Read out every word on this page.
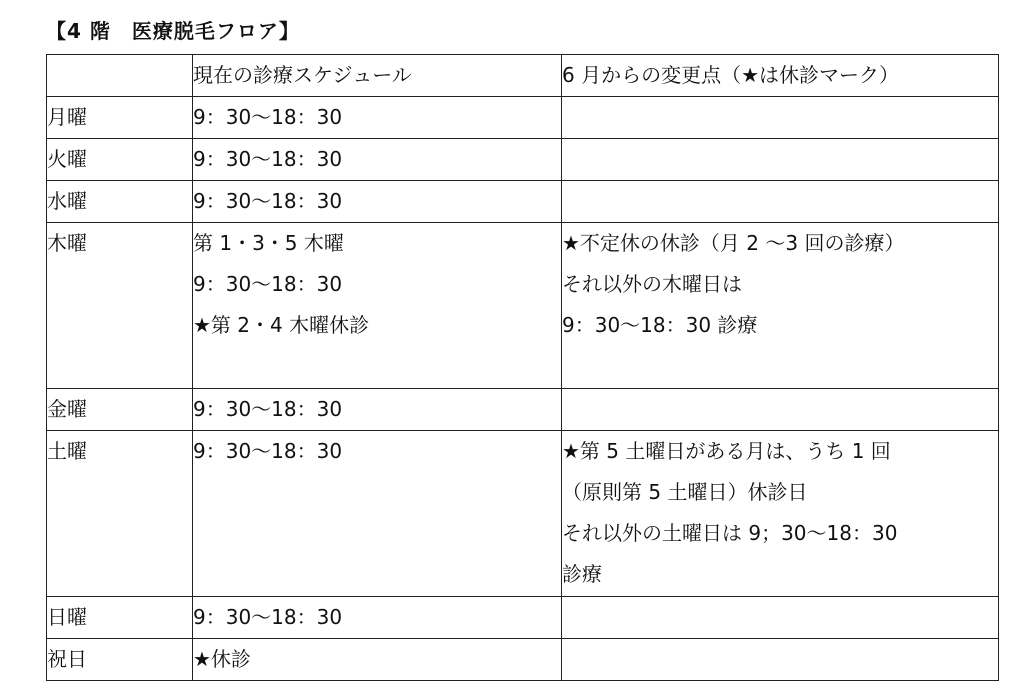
【4 階　医療脱毛フロア】
	現在の診療スケジュール	6 月からの変更点（★は休診マーク）
月曜	9：30〜18：30	

火曜	9：30〜18：30	

水曜	9：30〜18：30	

木曜	第 1・3・5 木曜
9：30〜18：30
★第 2・4 木曜休診	★不定休の休診（月 2 〜3 回の診療）
それ以外の木曜日は
9：30〜18：30 診療

金曜	9：30〜18：30	

土曜	9：30〜18：30	★第 5 土曜日がある月は、うち 1 回
（原則第 5 土曜日）休診日
それ以外の土曜日は 9；30〜18：30
診療

日曜	9：30〜18：30	

祝日	★休診	
